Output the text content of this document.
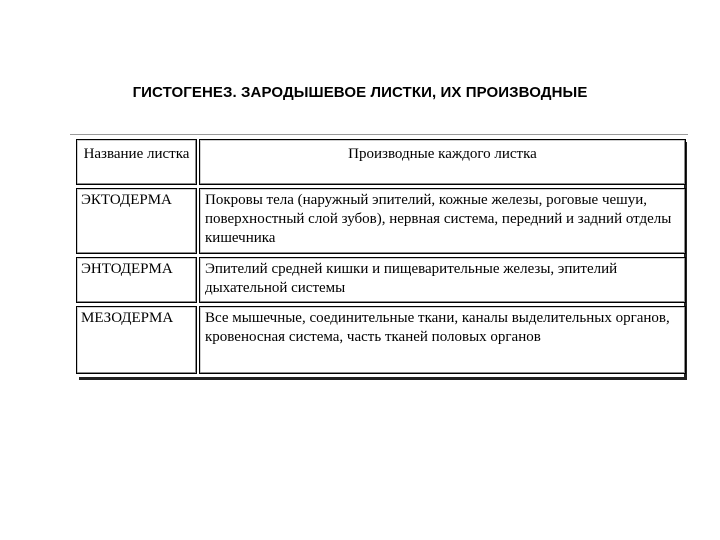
ГИСТОГЕНЕЗ. ЗАРОДЫШЕВОЕ ЛИСТКИ, ИХ ПРОИЗВОДНЫЕ
Название листка	Производные каждого листка
ЭКТОДЕРМА	Покровы тела (наружный эпителий, кожные железы, роговые чешуи, поверхностный слой зубов), нервная система, передний и задний отделы кишечника
ЭНТОДЕРМА	Эпителий средней кишки и пищеварительные железы, эпителий дыхательной системы
МЕЗОДЕРМА	Все мышечные, соединительные ткани, каналы выделительных органов, кровеносная система, часть тканей половых органов
